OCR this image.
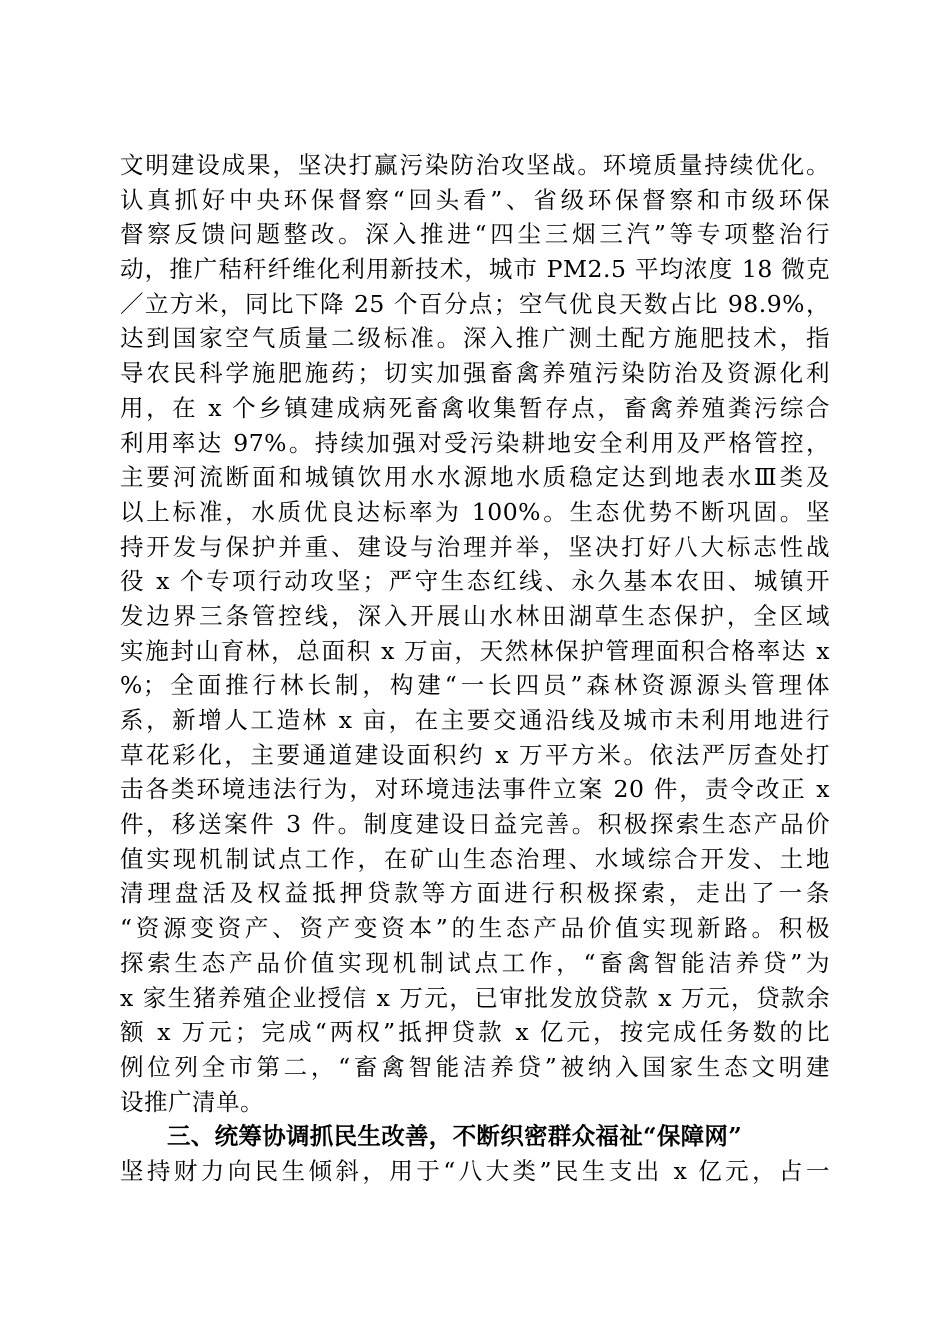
文明建设成果，坚决打赢污染防治攻坚战。环境质量持续优化。
认真抓好中央环保督察“回头看”、省级环保督察和市级环保
督察反馈问题整改。深入推进“四尘三烟三汽”等专项整治行
动，推广秸秆纤维化利用新技术，城市 PM2.5 平均浓度 18 微克
／立方米，同比下降 25 个百分点；空气优良天数占比 98.9%，
达到国家空气质量二级标准。深入推广测土配方施肥技术，指
导农民科学施肥施药；切实加强畜禽养殖污染防治及资源化利
用，在 x 个乡镇建成病死畜禽收集暂存点，畜禽养殖粪污综合
利用率达 97%。持续加强对受污染耕地安全利用及严格管控，
主要河流断面和城镇饮用水水源地水质稳定达到地表水Ⅲ类及
以上标准，水质优良达标率为 100%。生态优势不断巩固。坚
持开发与保护并重、建设与治理并举，坚决打好八大标志性战
役 x 个专项行动攻坚；严守生态红线、永久基本农田、城镇开
发边界三条管控线，深入开展山水林田湖草生态保护，全区域
实施封山育林，总面积 x 万亩，天然林保护管理面积合格率达 x
%；全面推行林长制，构建“一长四员”森林资源源头管理体
系，新增人工造林 x 亩，在主要交通沿线及城市未利用地进行
草花彩化，主要通道建设面积约 x 万平方米。依法严厉查处打
击各类环境违法行为，对环境违法事件立案 20 件，责令改正 x
件，移送案件 3 件。制度建设日益完善。积极探索生态产品价
值实现机制试点工作，在矿山生态治理、水域综合开发、土地
清理盘活及权益抵押贷款等方面进行积极探索，走出了一条
“资源变资产、资产变资本”的生态产品价值实现新路。积极
探索生态产品价值实现机制试点工作，“畜禽智能洁养贷”为
x 家生猪养殖企业授信 x 万元，已审批发放贷款 x 万元，贷款余
额 x 万元；完成“两权”抵押贷款 x 亿元，按完成任务数的比
例位列全市第二，“畜禽智能洁养贷”被纳入国家生态文明建
设推广清单。
三、统筹协调抓民生改善，不断织密群众福祉“保障网”
坚持财力向民生倾斜，用于“八大类”民生支出 x 亿元，占一
